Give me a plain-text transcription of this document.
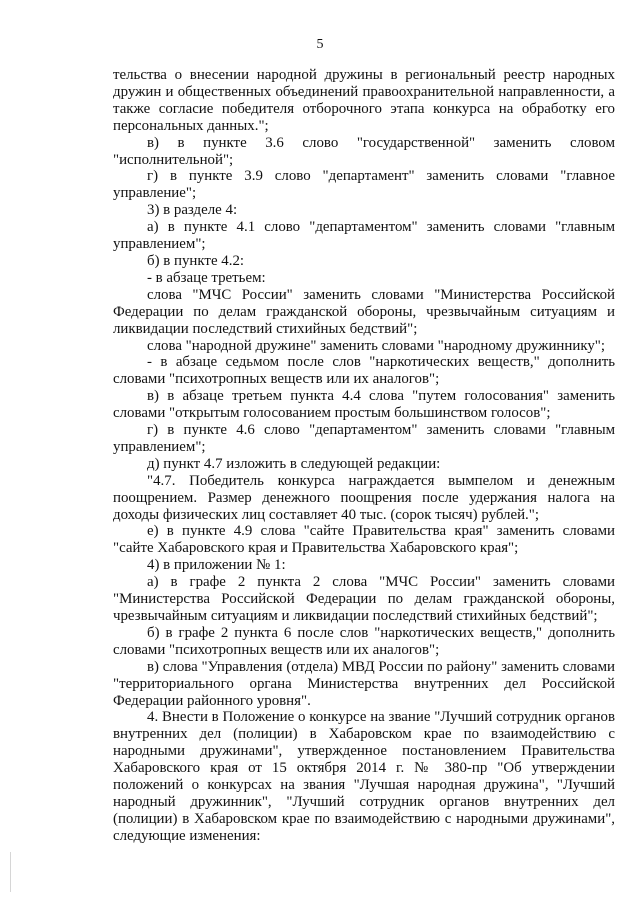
5

тельства о внесении народной дружины в региональный реестр народных дружин и общественных объединений правоохранительной направленности, а также согласие победителя отборочного этапа конкурса на обработку его персональных данных.";

в) в пункте 3.6 слово "государственной" заменить словом "исполнительной";

г) в пункте 3.9 слово "департамент" заменить словами "главное управление";

3) в разделе 4:

а) в пункте 4.1 слово "департаментом" заменить словами "главным управлением";

б) в пункте 4.2:

- в абзаце третьем:

слова "МЧС России" заменить словами "Министерства Российской Федерации по делам гражданской обороны, чрезвычайным ситуациям и ликвидации последствий стихийных бедствий";

слова "народной дружине" заменить словами "народному дружиннику";

- в абзаце седьмом после слов "наркотических веществ," дополнить словами "психотропных веществ или их аналогов";

в) в абзаце третьем пункта 4.4 слова "путем голосования" заменить словами "открытым голосованием простым большинством голосов";

г) в пункте 4.6 слово "департаментом" заменить словами "главным управлением";

д) пункт 4.7 изложить в следующей редакции:

"4.7. Победитель конкурса награждается вымпелом и денежным поощрением. Размер денежного поощрения после удержания налога на доходы физических лиц составляет 40 тыс. (сорок тысяч) рублей.";

е) в пункте 4.9 слова "сайте Правительства края" заменить словами "сайте Хабаровского края и Правительства Хабаровского края";

4) в приложении № 1:

а) в графе 2 пункта 2 слова "МЧС России" заменить словами "Министерства Российской Федерации по делам гражданской обороны, чрезвычайным ситуациям и ликвидации последствий стихийных бедствий";

б) в графе 2 пункта 6 после слов "наркотических веществ," дополнить словами "психотропных веществ или их аналогов";

в) слова "Управления (отдела) МВД России по району" заменить словами "территориального органа Министерства внутренних дел Российской Федерации районного уровня".

4. Внести в Положение о конкурсе на звание "Лучший сотрудник органов внутренних дел (полиции) в Хабаровском крае по взаимодействию с народными дружинами", утвержденное постановлением Правительства Хабаровского края от 15 октября 2014 г. № 380-пр "Об утверждении положений о конкурсах на звания "Лучшая народная дружина", "Лучший народный дружинник", "Лучший сотрудник органов внутренних дел (полиции) в Хабаровском крае по взаимодействию с народными дружинами", следующие изменения:
